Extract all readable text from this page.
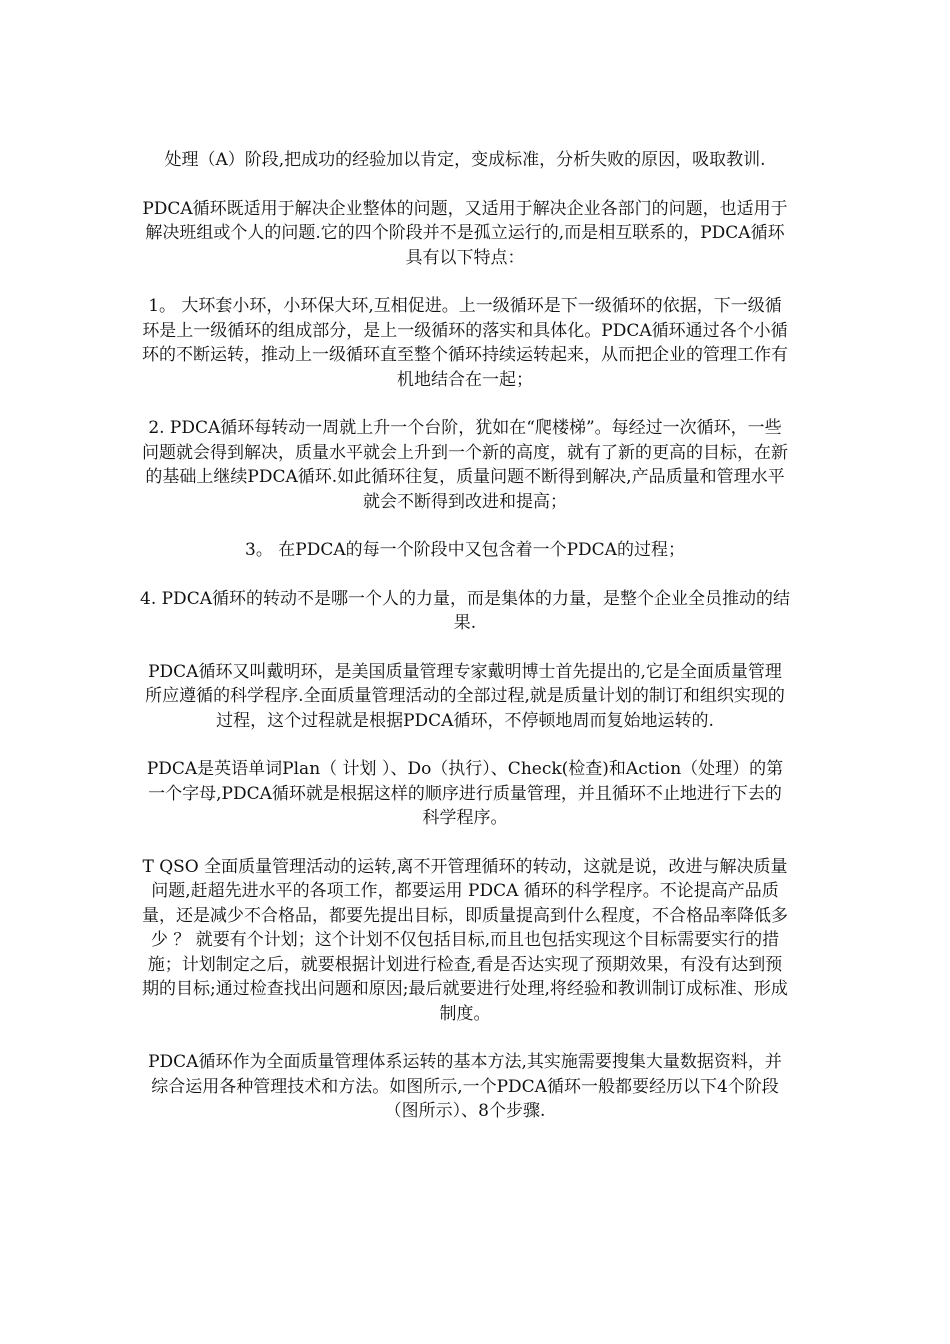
处理（A）阶段,把成功的经验加以肯定，变成标准，分析失败的原因，吸取教训.

PDCA循环既适用于解决企业整体的问题，又适用于解决企业各部门的问题，也适用于解决班组或个人的问题.它的四个阶段并不是孤立运行的,而是相互联系的，PDCA循环具有以下特点：

1。 大环套小环，小环保大环,互相促进。上一级循环是下一级循环的依据，下一级循环是上一级循环的组成部分，是上一级循环的落实和具体化。PDCA循环通过各个小循环的不断运转，推动上一级循环直至整个循环持续运转起来，从而把企业的管理工作有机地结合在一起；

2. PDCA循环每转动一周就上升一个台阶，犹如在“爬楼梯”。每经过一次循环，一些问题就会得到解决，质量水平就会上升到一个新的高度，就有了新的更高的目标，在新的基础上继续PDCA循环.如此循环往复，质量问题不断得到解决,产品质量和管理水平就会不断得到改进和提高；

3。 在PDCA的每一个阶段中又包含着一个PDCA的过程；

4. PDCA循环的转动不是哪一个人的力量，而是集体的力量，是整个企业全员推动的结果.

PDCA循环又叫戴明环，是美国质量管理专家戴明博士首先提出的,它是全面质量管理所应遵循的科学程序.全面质量管理活动的全部过程,就是质量计划的制订和组织实现的过程，这个过程就是根据PDCA循环，不停顿地周而复始地运转的.

PDCA是英语单词Plan（ 计划 ）、Do（执行）、Check(检查)和Action（处理）的第一个字母,PDCA循环就是根据这样的顺序进行质量管理，并且循环不止地进行下去的科学程序。

T QSO 全面质量管理活动的运转,离不开管理循环的转动，这就是说，改进与解决质量问题,赶超先进水平的各项工作，都要运用 PDCA 循环的科学程序。不论提高产品质量，还是减少不合格品，都要先提出目标，即质量提高到什么程度，不合格品率降低多少 ？ 就要有个计划；这个计划不仅包括目标,而且也包括实现这个目标需要实行的措施；计划制定之后，就要根据计划进行检查,看是否达实现了预期效果，有没有达到预期的目标;通过检查找出问题和原因;最后就要进行处理,将经验和教训制订成标准、形成制度。

PDCA循环作为全面质量管理体系运转的基本方法,其实施需要搜集大量数据资料，并综合运用各种管理技术和方法。如图所示,一个PDCA循环一般都要经历以下4个阶段（图所示）、8个步骤.
